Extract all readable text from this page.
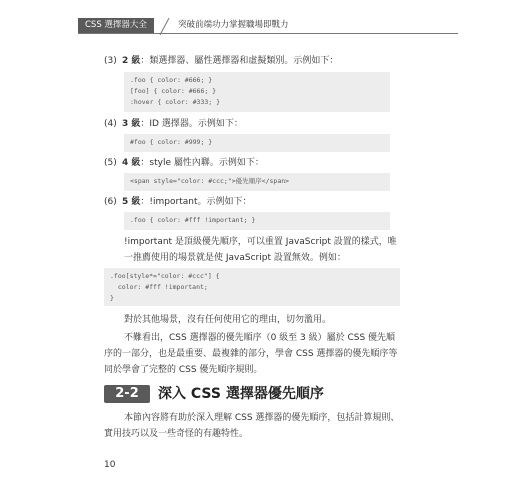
CSS 選擇器大全	突破前端功力掌握職場即戰力
(3) 2 級：類選擇器、屬性選擇器和虛擬類別。示例如下：
.foo { color: #666; }
[foo] { color: #666; }
:hover { color: #333; }
(4) 3 級：ID 選擇器。示例如下：
#foo { color: #999; }
(5) 4 級：style 屬性內聯。示例如下：
<span style="color: #ccc;">優先順序</span>
(6) 5 級：!important。示例如下：
.foo { color: #fff !important; }
!important 是頂級優先順序，可以重置 JavaScript 設置的樣式，唯一推薦使用的場景就是使 JavaScript 設置無效。例如：
.foo[style*="color: #ccc"] {
color: #fff !important;
}
對於其他場景，沒有任何使用它的理由，切勿濫用。
不難看出，CSS 選擇器的優先順序（0 級至 3 級）屬於 CSS 優先順序的一部分，也是最重要、最複雜的部分，學會 CSS 選擇器的優先順序等同於學會了完整的 CSS 優先順序規則。
2-2	深入 CSS 選擇器優先順序
本節內容將有助於深入理解 CSS 選擇器的優先順序，包括計算規則、實用技巧以及一些奇怪的有趣特性。
10
